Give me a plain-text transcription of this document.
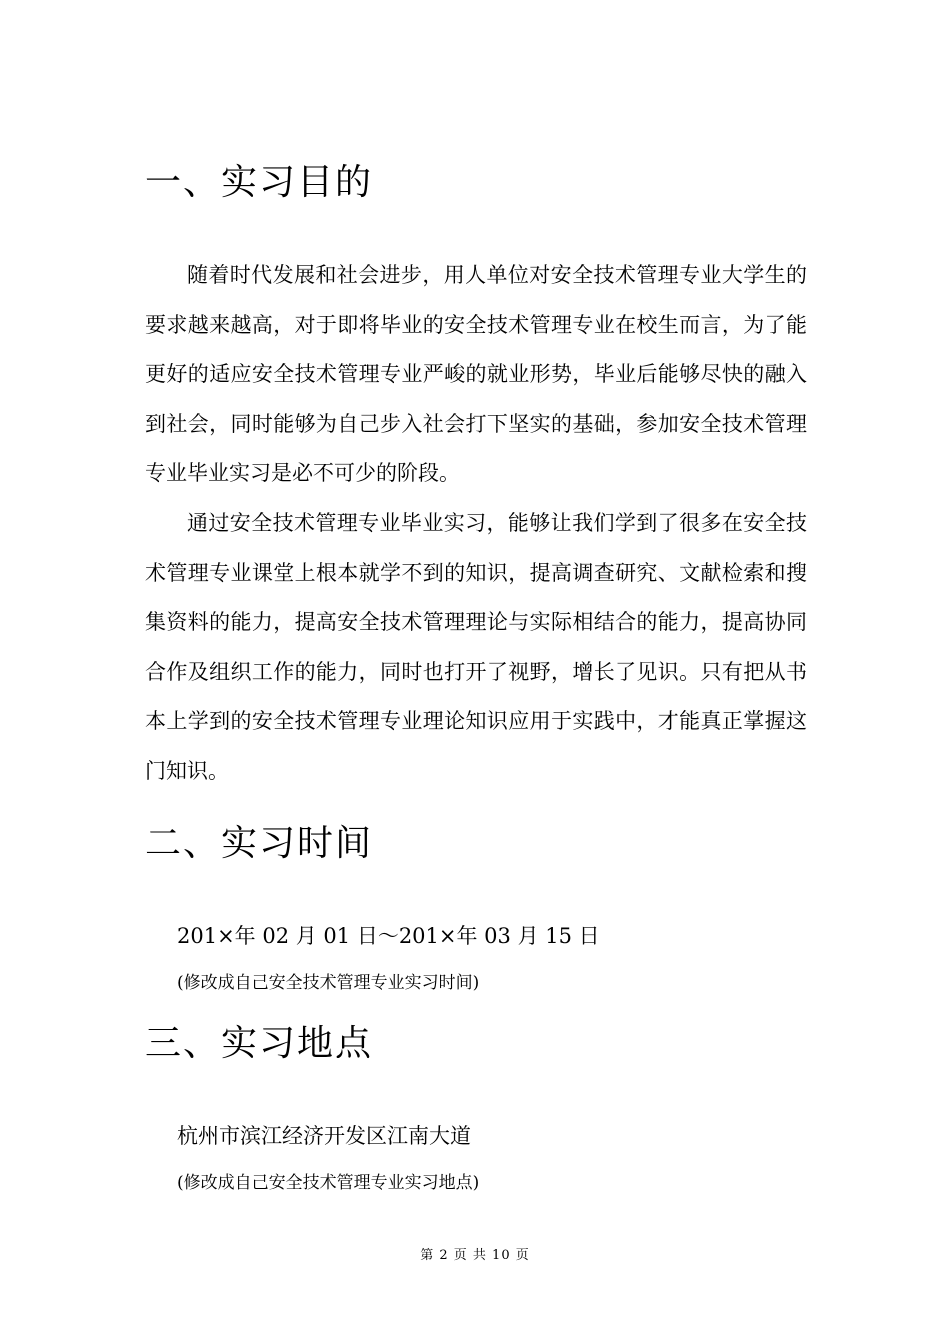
一、实习目的

随着时代发展和社会进步，用人单位对安全技术管理专业大学生的要求越来越高，对于即将毕业的安全技术管理专业在校生而言，为了能更好的适应安全技术管理专业严峻的就业形势，毕业后能够尽快的融入到社会，同时能够为自己步入社会打下坚实的基础，参加安全技术管理专业毕业实习是必不可少的阶段。

通过安全技术管理专业毕业实习，能够让我们学到了很多在安全技术管理专业课堂上根本就学不到的知识，提高调查研究、文献检索和搜集资料的能力，提高安全技术管理理论与实际相结合的能力，提高协同合作及组织工作的能力，同时也打开了视野，增长了见识。只有把从书本上学到的安全技术管理专业理论知识应用于实践中，才能真正掌握这门知识。

二、实习时间

201×年 02 月 01 日～201×年 03 月 15 日

(修改成自己安全技术管理专业实习时间)

三、实习地点

杭州市滨江经济开发区江南大道

(修改成自己安全技术管理专业实习地点)

第 2 页 共 10 页
